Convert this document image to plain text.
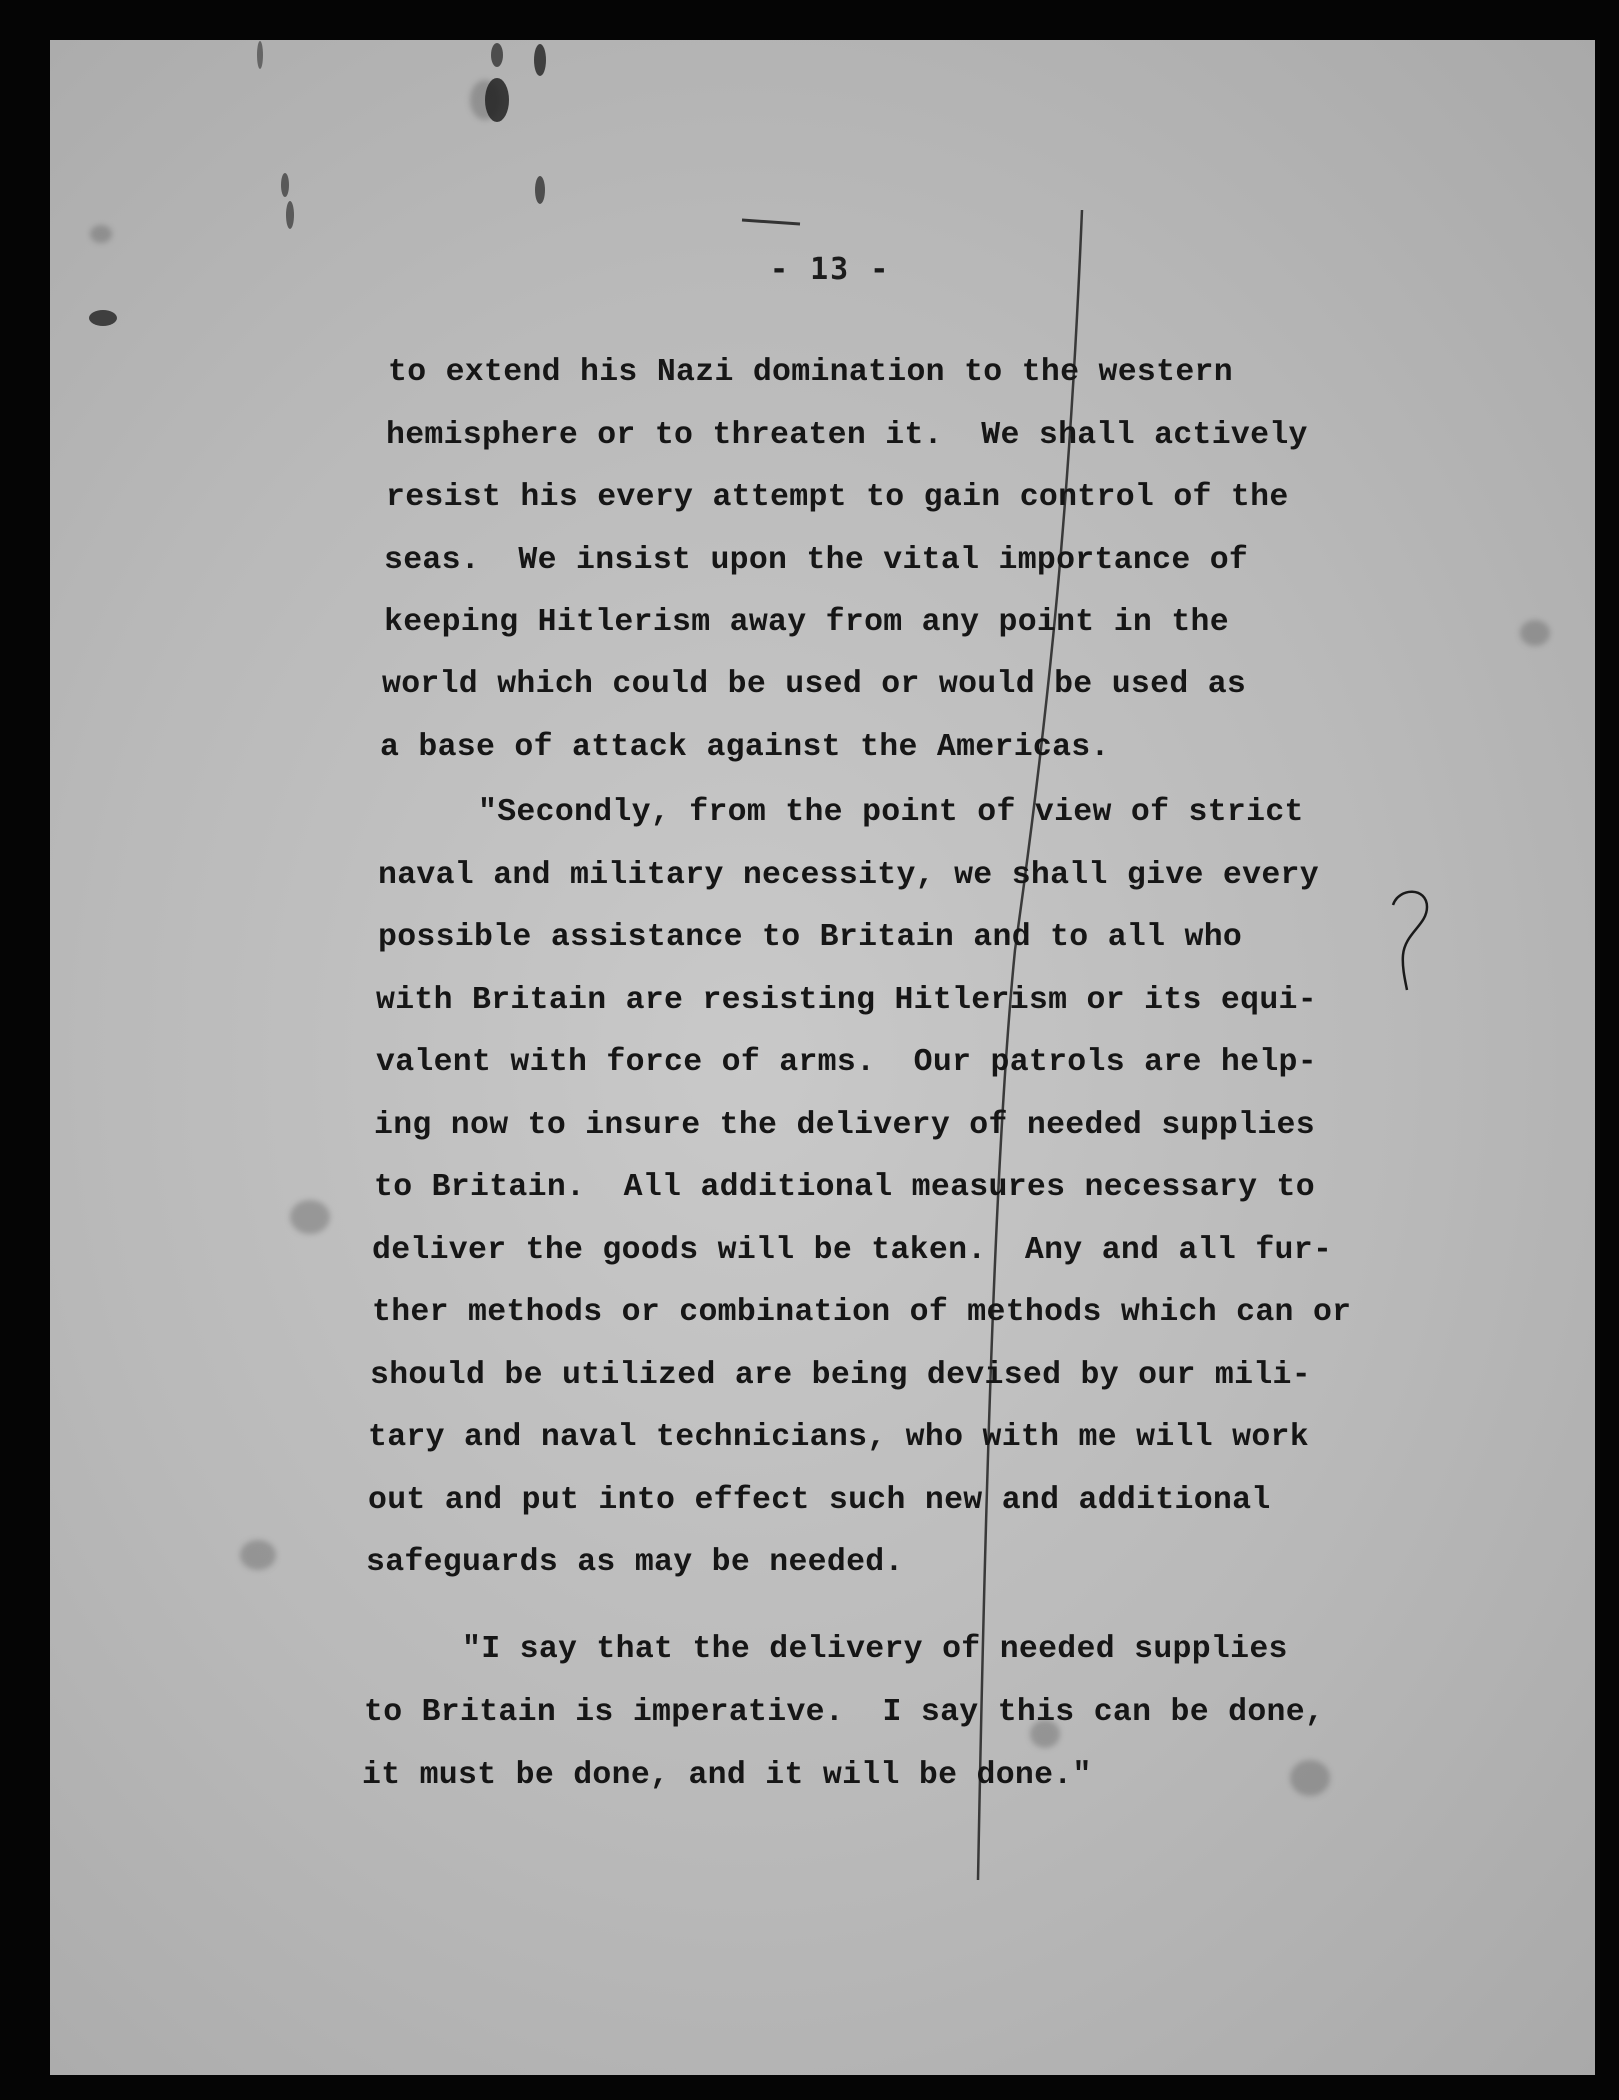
- 13 -
to extend his Nazi domination to the western
hemisphere or to threaten it.  We shall actively
resist his every attempt to gain control of the
seas.  We insist upon the vital importance of
keeping Hitlerism away from any point in the
world which could be used or would be used as
a base of attack against the Americas.
"Secondly, from the point of view of strict
naval and military necessity, we shall give every
possible assistance to Britain and to all who
with Britain are resisting Hitlerism or its equi-
valent with force of arms.  Our patrols are help-
ing now to insure the delivery of needed supplies
to Britain.  All additional measures necessary to
deliver the goods will be taken.  Any and all fur-
ther methods or combination of methods which can or
should be utilized are being devised by our mili-
tary and naval technicians, who with me will work
out and put into effect such new and additional
safeguards as may be needed.
"I say that the delivery of needed supplies
to Britain is imperative.  I say this can be done,
it must be done, and it will be done."
